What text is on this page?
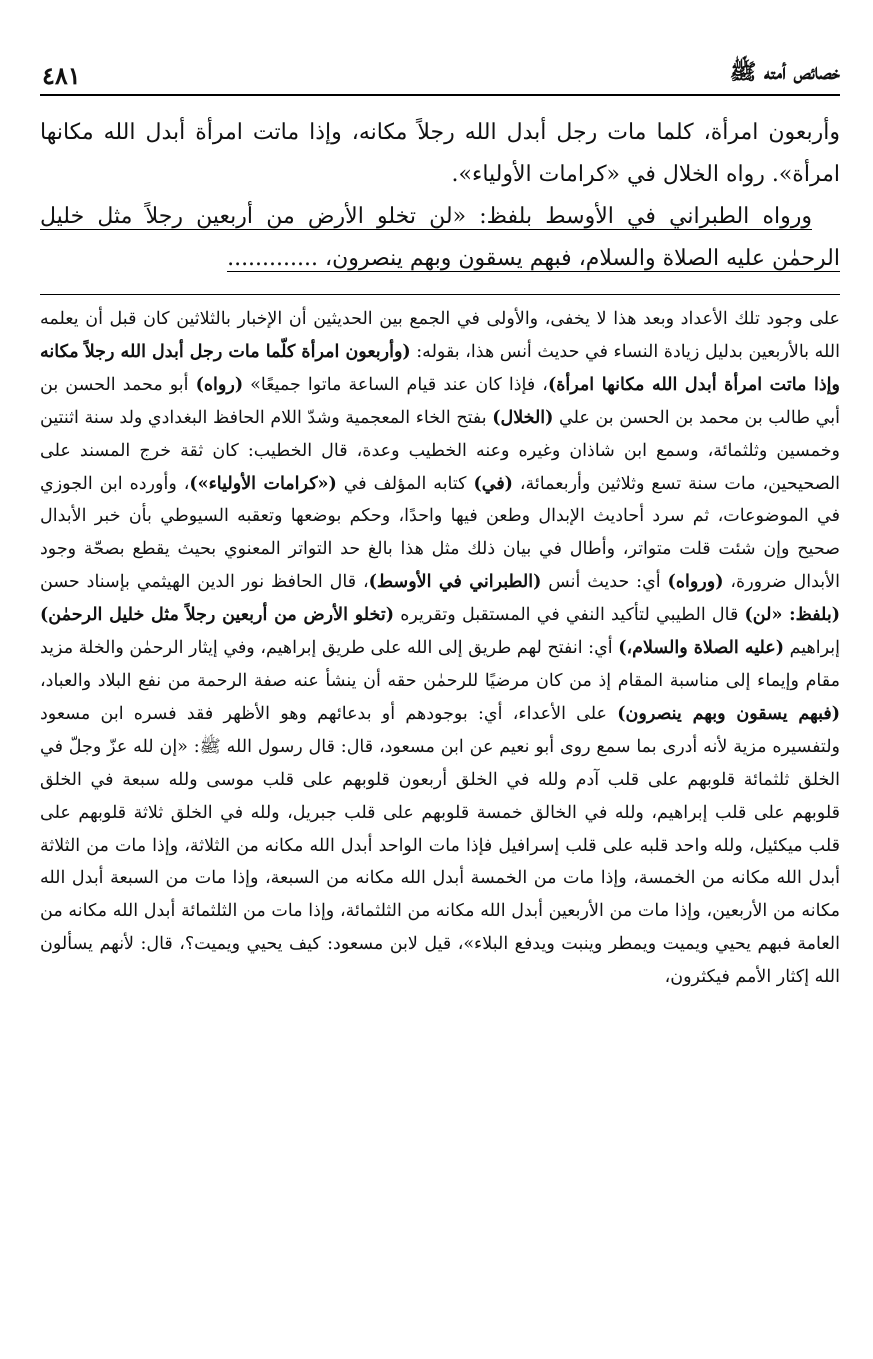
خصائص أمته ﷺ
٤٨١

وأربعون امرأة، كلما مات رجل أبدل الله رجلاً مكانه، وإذا ماتت امرأة أبدل الله مكانها امرأة». رواه الخلال في «كرامات الأولياء».

ورواه الطبراني في الأوسط بلفظ: «لن تخلو الأرض من أربعين رجلاً مثل خليل الرحمٰن عليه الصلاة والسلام، فبهم يسقون وبهم ينصرون، .............

على وجود تلك الأعداد وبعد هذا لا يخفى، والأولى في الجمع بين الحديثين أن الإخبار بالثلاثين كان قبل أن يعلمه الله بالأربعين بدليل زيادة النساء في حديث أنس هذا، بقوله: (وأربعون امرأة كلّما مات رجل أبدل الله رجلاً مكانه وإذا ماتت امرأة أبدل الله مكانها امرأة)، فإذا كان عند قيام الساعة ماتوا جميعًا» (رواه) أبو محمد الحسن بن أبي طالب بن محمد بن الحسن بن علي (الخلال) بفتح الخاء المعجمية وشدّ اللام الحافظ البغدادي ولد سنة اثنتين وخمسين وثلثمائة، وسمع ابن شاذان وغيره وعنه الخطيب وعدة، قال الخطيب: كان ثقة خرج المسند على الصحيحين، مات سنة تسع وثلاثين وأربعمائة، (في) كتابه المؤلف في («كرامات الأولياء»)، وأورده ابن الجوزي في الموضوعات، ثم سرد أحاديث الإبدال وطعن فيها واحدًا، وحكم بوضعها وتعقبه السيوطي بأن خبر الأبدال صحيح وإن شئت قلت متواتر، وأطال في بيان ذلك مثل هذا بالغ حد التواتر المعنوي بحيث يقطع بصحّة وجود الأبدال ضرورة، (ورواه) أي: حديث أنس (الطبراني في الأوسط)، قال الحافظ نور الدين الهيثمي بإسناد حسن (بلفظ: «لن) قال الطيبي لتأكيد النفي في المستقبل وتقريره (تخلو الأرض من أربعين رجلاً مثل خليل الرحمٰن) إبراهيم (عليه الصلاة والسلام،) أي: انفتح لهم طريق إلى الله على طريق إبراهيم، وفي إيثار الرحمٰن والخلة مزيد مقام وإيماء إلى مناسبة المقام إذ من كان مرضيًا للرحمٰن حقه أن ينشأ عنه صفة الرحمة من نفع البلاد والعباد، (فبهم يسقون وبهم ينصرون) على الأعداء، أي: بوجودهم أو بدعائهم وهو الأظهر فقد فسره ابن مسعود ولتفسيره مزية لأنه أدرى بما سمع روى أبو نعيم عن ابن مسعود، قال: قال رسول الله ﷺ: «إن لله عزّ وجلّ في الخلق ثلثمائة قلوبهم على قلب آدم ولله في الخلق أربعون قلوبهم على قلب موسى ولله سبعة في الخلق قلوبهم على قلب إبراهيم، ولله في الخالق خمسة قلوبهم على قلب جبريل، ولله في الخلق ثلاثة قلوبهم على قلب ميكئيل، ولله واحد قلبه على قلب إسرافيل فإذا مات الواحد أبدل الله مكانه من الثلاثة، وإذا مات من الثلاثة أبدل الله مكانه من الخمسة، وإذا مات من الخمسة أبدل الله مكانه من السبعة، وإذا مات من السبعة أبدل الله مكانه من الأربعين، وإذا مات من الأربعين أبدل الله مكانه من الثلثمائة، وإذا مات من الثلثمائة أبدل الله مكانه من العامة فبهم يحيي ويميت ويمطر وينبت ويدفع البلاء»، قيل لابن مسعود: كيف يحيي ويميت؟، قال: لأنهم يسألون الله إكثار الأمم فيكثرون،
